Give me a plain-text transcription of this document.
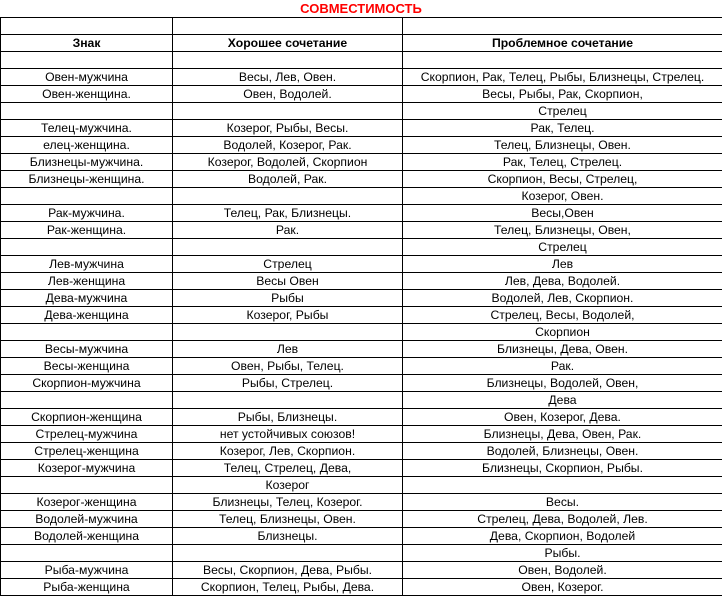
СОВМЕСТИМОСТЬ

Знак	Хорошее сочетание	Проблемное сочетание

Овен-мужчина	Весы, Лев, Овен.	Скорпион, Рак, Телец, Рыбы, Близнецы, Стрелец.
Овен-женщина.	Овен, Водолей.	Весы, Рыбы, Рак, Скорпион,
		Стрелец
Телец-мужчина.	Козерог, Рыбы, Весы.	Рак, Телец.
елец-женщина.	Водолей, Козерог, Рак.	Телец, Близнецы, Овен.
Близнецы-мужчина.	Козерог, Водолей, Скорпион	Рак, Телец, Стрелец.
Близнецы-женщина.	Водолей, Рак.	Скорпион, Весы, Стрелец,
		Козерог, Овен.
Рак-мужчина.	Телец, Рак, Близнецы.	Весы,Овен
Рак-женщина.	Рак.	Телец, Близнецы, Овен,
		Стрелец
Лев-мужчина	Стрелец	Лев
Лев-женщина	Весы Овен	Лев, Дева, Водолей.
Дева-мужчина	Рыбы	Водолей, Лев, Скорпион.
Дева-женщина	Козерог, Рыбы	Стрелец, Весы, Водолей,
		Скорпион
Весы-мужчина	Лев	Близнецы, Дева, Овен.
Весы-женщина	Овен, Рыбы, Телец.	Рак.
Скорпион-мужчина	Рыбы, Стрелец.	Близнецы, Водолей, Овен,
		Дева
Скорпион-женщина	Рыбы, Близнецы.	Овен, Козерог, Дева.
Стрелец-мужчина	нет устойчивых союзов!	Близнецы, Дева, Овен, Рак.
Стрелец-женщина	Козерог, Лев, Скорпион.	Водолей, Близнецы, Овен.
Козерог-мужчина	Телец, Стрелец, Дева,	Близнецы, Скорпион, Рыбы.
	Козерог	
Козерог-женщина	Близнецы, Телец, Козерог.	Весы.
Водолей-мужчина	Телец, Близнецы, Овен.	Стрелец, Дева, Водолей, Лев.
Водолей-женщина	Близнецы.	Дева, Скорпион, Водолей
		Рыбы.
Рыба-мужчина	Весы, Скорпион, Дева, Рыбы.	Овен, Водолей.
Рыба-женщина	Скорпион, Телец, Рыбы, Дева.	Овен, Козерог.
